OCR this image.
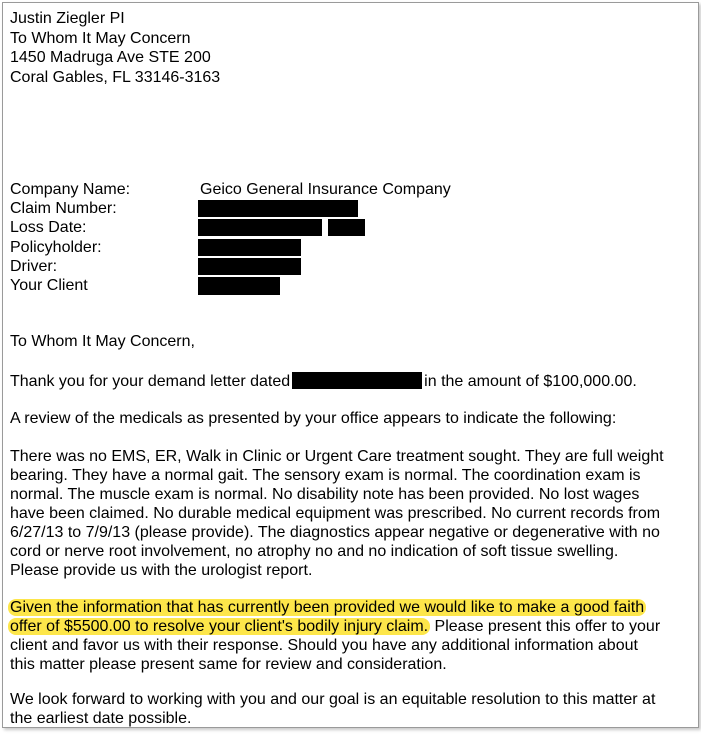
Justin Ziegler PI
To Whom It May Concern
1450 Madruga Ave STE 200
Coral Gables, FL 33146-3163
Company Name:	Geico General Insurance Company
Claim Number:
Loss Date:
Policyholder:
Driver:
Your Client
To Whom It May Concern,
Thank you for your demand letter dated	in the amount of $100,000.00.
A review of the medicals as presented by your office appears to indicate the following:
There was no EMS, ER, Walk in Clinic or Urgent Care treatment sought. They are full weight
bearing. They have a normal gait. The sensory exam is normal. The coordination exam is
normal. The muscle exam is normal. No disability note has been provided. No lost wages
have been claimed. No durable medical equipment was prescribed. No current records from
6/27/13 to 7/9/13 (please provide). The diagnostics appear negative or degenerative with no
cord or nerve root involvement, no atrophy no and no indication of soft tissue swelling.
Please provide us with the urologist report.
Given the information that has currently been provided we would like to make a good faith
offer of $5500.00 to resolve your client's bodily injury claim. Please present this offer to your
client and favor us with their response. Should you have any additional information about
this matter please present same for review and consideration.
We look forward to working with you and our goal is an equitable resolution to this matter at
the earliest date possible.
